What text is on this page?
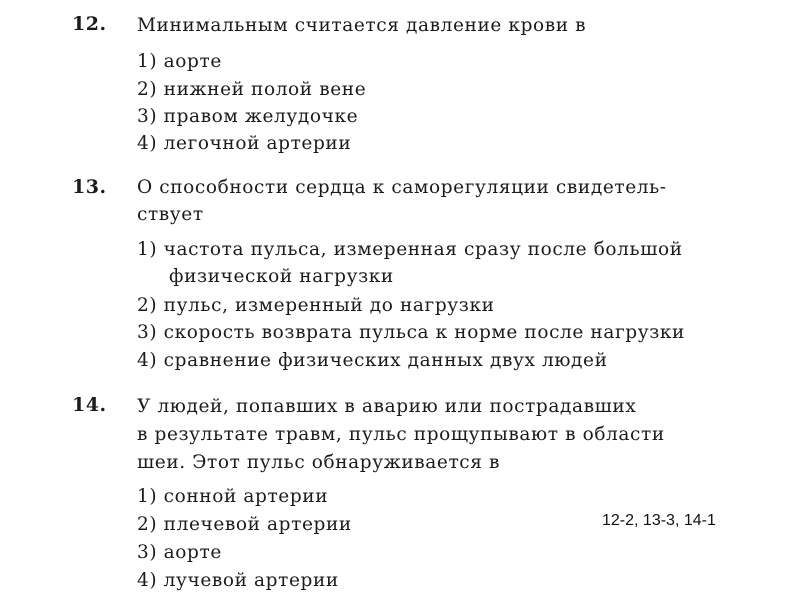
12. Минимальным считается давление крови в
1) аорте
2) нижней полой вене
3) правом желудочке
4) легочной артерии
13. О способности сердца к саморегуляции свидетель-
ствует
1) частота пульса, измеренная сразу после большой
физической нагрузки
2) пульс, измеренный до нагрузки
3) скорость возврата пульса к норме после нагрузки
4) сравнение физических данных двух людей
14. У людей, попавших в аварию или пострадавших
в результате травм, пульс прощупывают в области
шеи. Этот пульс обнаруживается в
1) сонной артерии
2) плечевой артерии
3) аорте
4) лучевой артерии
12-2, 13-3, 14-1
